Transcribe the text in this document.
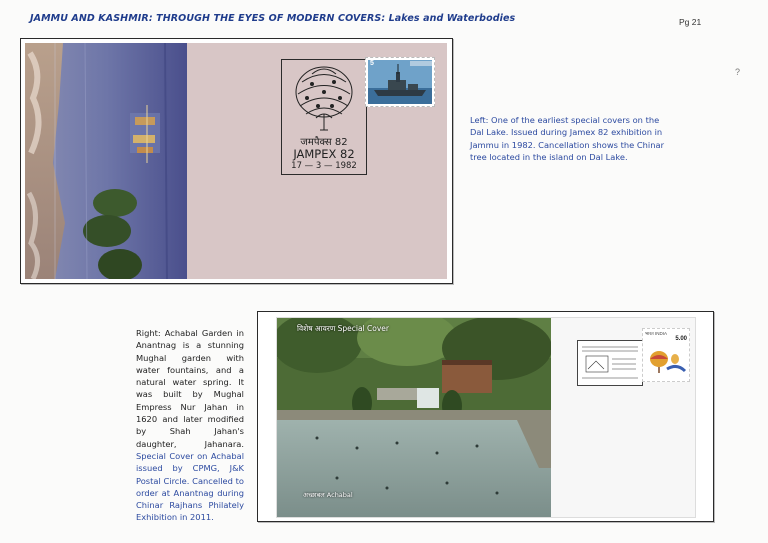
JAMMU AND KASHMIR: THROUGH THE EYES OF MODERN COVERS: Lakes and Waterbodies	Pg 21
जमपैक्स 82
JAMPEX 82
17 — 3 — 1982
5
Left: One of the earliest special covers on the Dal Lake. Issued during Jamex 82 exhibition in Jammu in 1982. Cancellation shows the Chinar tree located in the island on Dal Lake.
Right: Achabal Garden in Anantnag is a stunning Mughal garden with water fountains, and a natural water spring. It was built by Mughal Empress Nur Jahan in 1620 and later modified by Shah Jahan's daughter, Jahanara. Special Cover on Achabal issued by CPMG, J&K Postal Circle. Cancelled to order at Anantnag during Chinar Rajhans Philately Exhibition in 2011.
विशेष आवरण Special Cover
अच्छाबल Achabal
भारत INDIA
5.00
?
